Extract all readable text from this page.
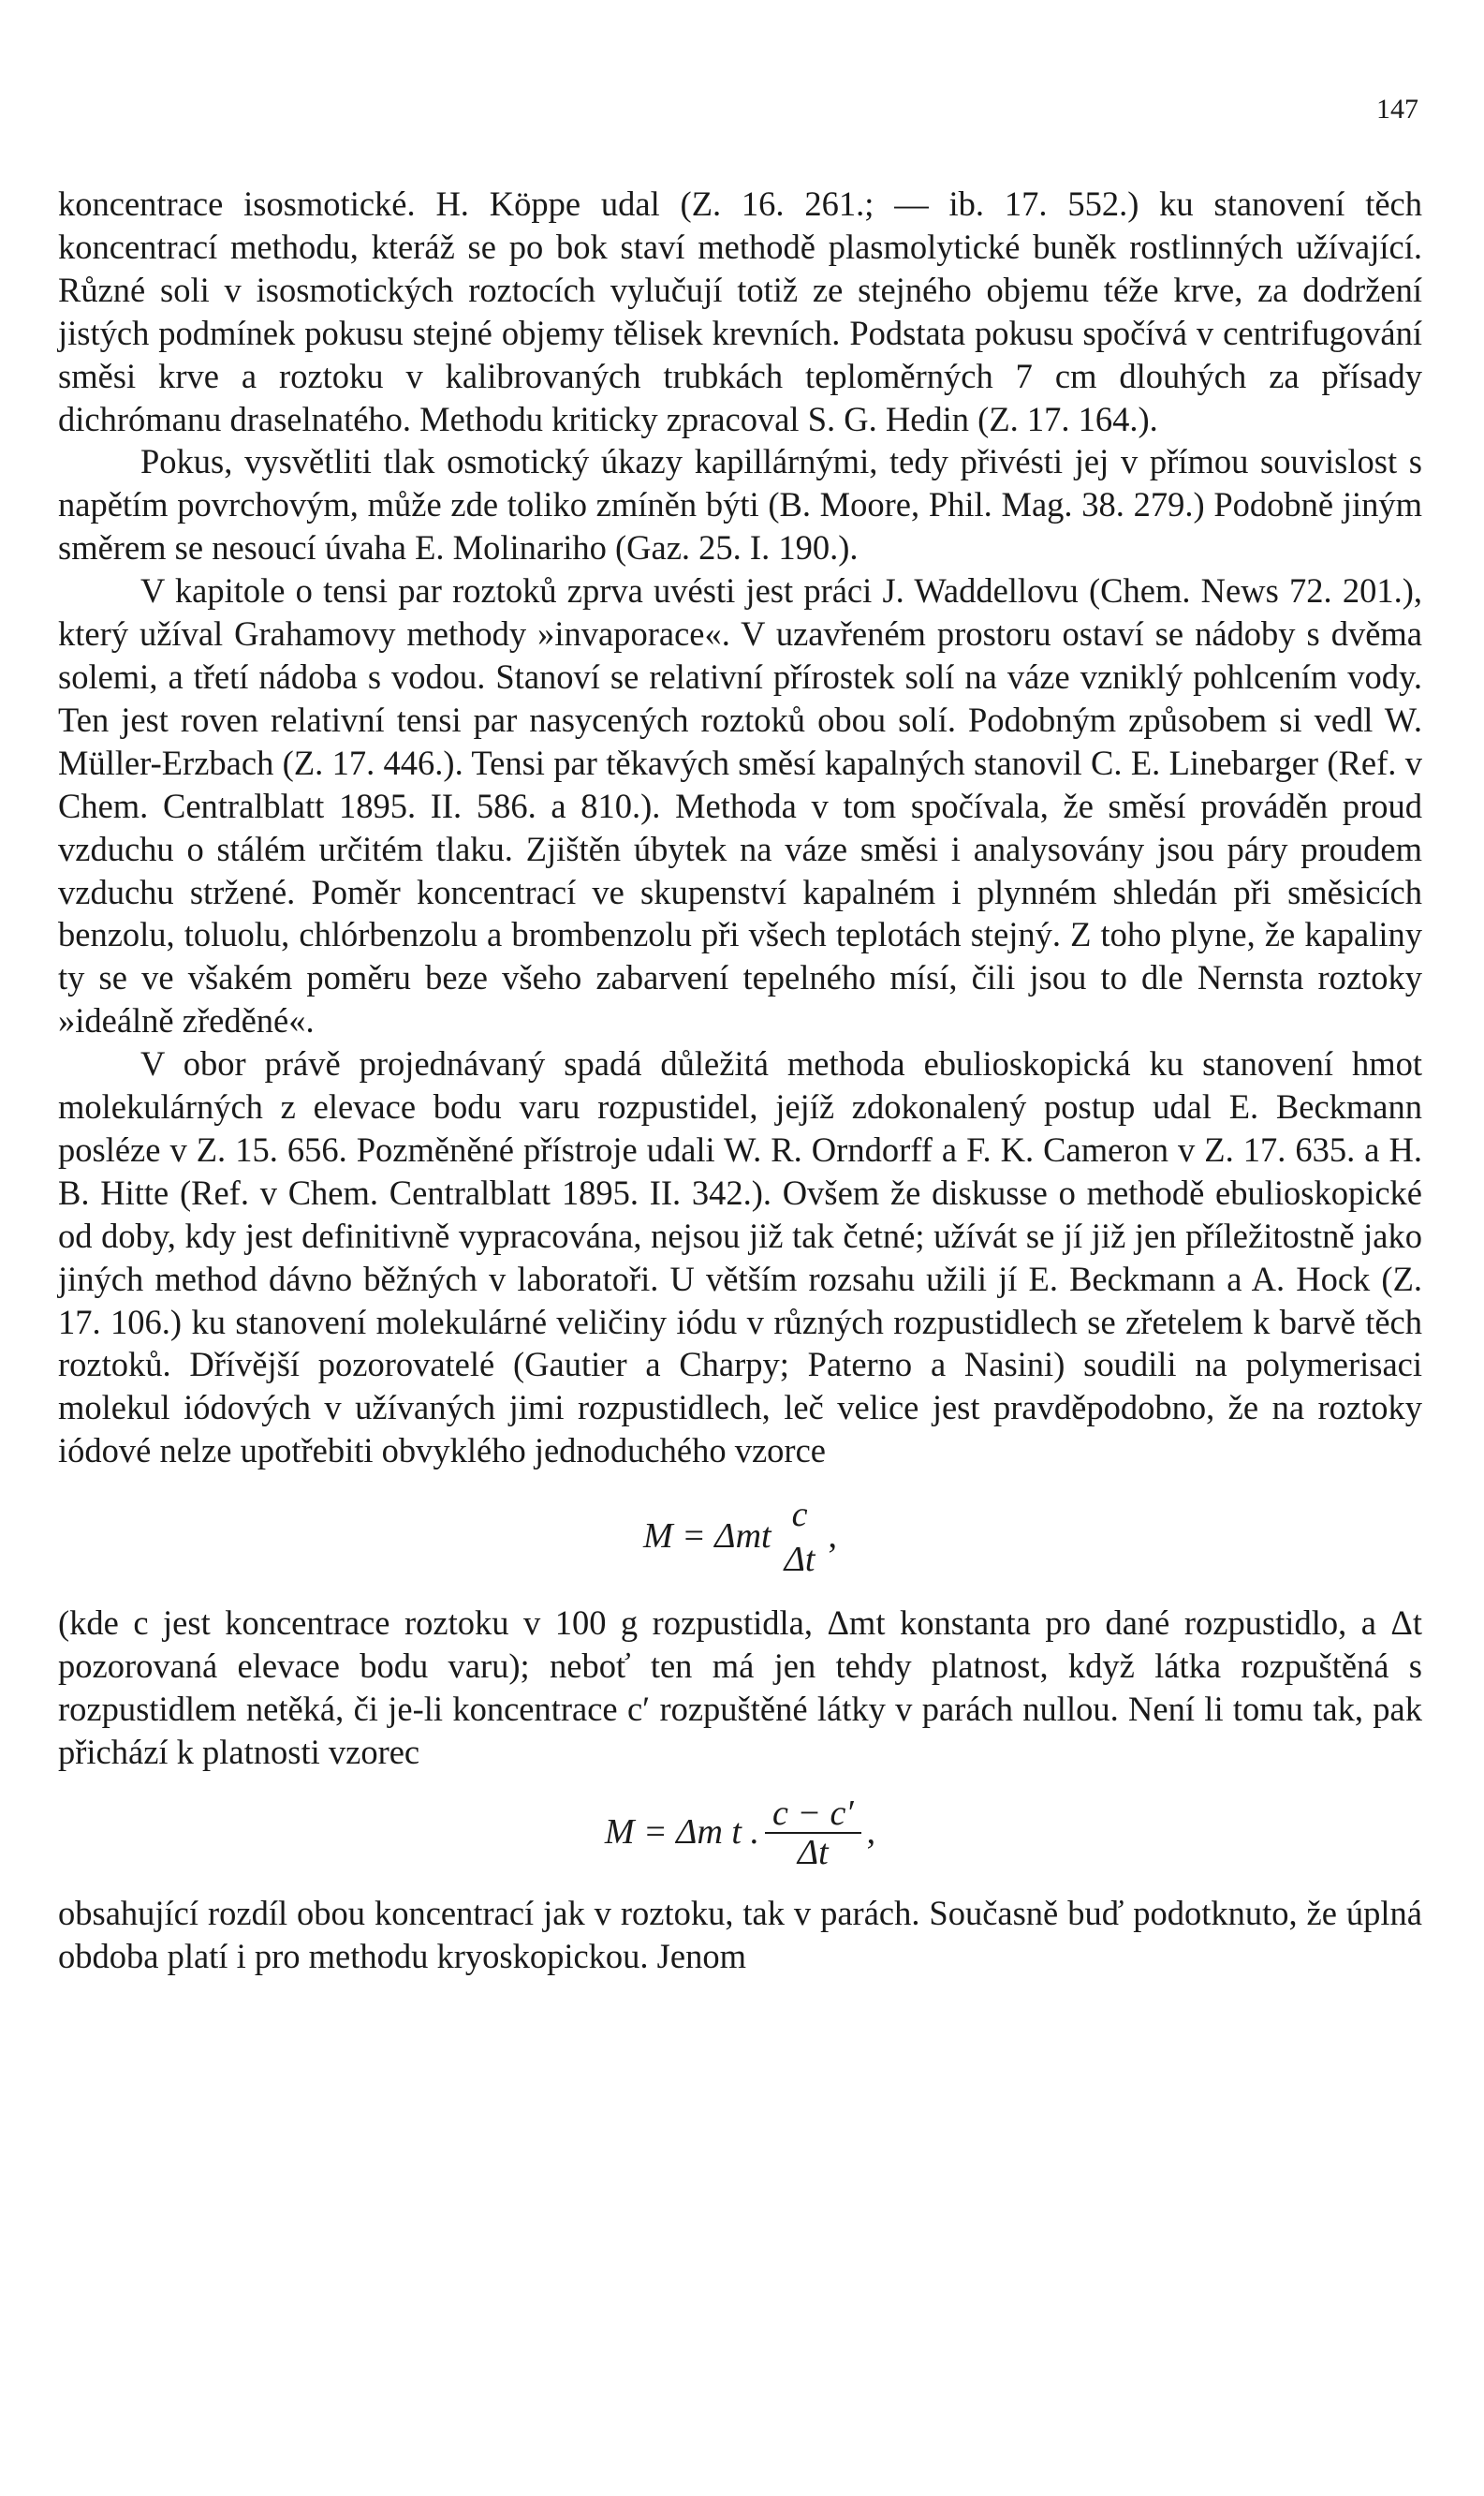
147

koncentrace isosmotické. H. Köppe udal (Z. 16. 261.; — ib. 17. 552.) ku stanovení těch koncentrací methodu, kteráž se po bok staví methodě plasmolytické buněk rostlinných užívající. Různé soli v isosmotických roztocích vylučují totiž ze stejného objemu téže krve, za dodržení jistých podmínek pokusu stejné objemy tělisek krevních. Podstata pokusu spočívá v centrifugování směsi krve a roztoku v kalibrovaných trubkách teploměrných 7 cm dlouhých za přísady dichrómanu draselnatého. Methodu kriticky zpracoval S. G. Hedin (Z. 17. 164.).

Pokus, vysvětliti tlak osmotický úkazy kapillárnými, tedy přivésti jej v přímou souvislost s napětím povrchovým, může zde toliko zmíněn býti (B. Moore, Phil. Mag. 38. 279.) Podobně jiným směrem se nesoucí úvaha E. Molinariho (Gaz. 25. I. 190.).

V kapitole o tensi par roztoků zprva uvésti jest práci J. Waddellovu (Chem. News 72. 201.), který užíval Grahamovy methody »invaporace«. V uzavřeném prostoru ostaví se nádoby s dvěma solemi, a třetí nádoba s vodou. Stanoví se relativní přírostek solí na váze vzniklý pohlcením vody. Ten jest roven relativní tensi par nasycených roztoků obou solí. Podobným způsobem si vedl W. Müller-Erzbach (Z. 17. 446.). Tensi par těkavých směsí kapalných stanovil C. E. Linebarger (Ref. v Chem. Centralblatt 1895. II. 586. a 810.). Methoda v tom spočívala, že směsí prováděn proud vzduchu o stálém určitém tlaku. Zjištěn úbytek na váze směsi i analysovány jsou páry proudem vzduchu stržené. Poměr koncentrací ve skupenství kapalném i plynném shledán při směsicích benzolu, toluolu, chlórbenzolu a brombenzolu při všech teplotách stejný. Z toho plyne, že kapaliny ty se ve všakém poměru beze všeho zabarvení tepelného mísí, čili jsou to dle Nernsta roztoky »ideálně zředěné«.

V obor právě projednávaný spadá důležitá methoda ebulioskopická ku stanovení hmot molekulárných z elevace bodu varu rozpustidel, jejíž zdokonalený postup udal E. Beckmann posléze v Z. 15. 656. Pozměněné přístroje udali W. R. Orndorff a F. K. Cameron v Z. 17. 635. a H. B. Hitte (Ref. v Chem. Centralblatt 1895. II. 342.). Ovšem že diskusse o methodě ebulioskopické od doby, kdy jest definitivně vypracována, nejsou již tak četné; užívát se jí již jen příležitostně jako jiných method dávno běžných v laboratoři. U větším rozsahu užili jí E. Beckmann a A. Hock (Z. 17. 106.) ku stanovení molekulárné veličiny iódu v různých rozpustidlech se zřetelem k barvě těch roztoků. Dřívější pozorovatelé (Gautier a Charpy; Paterno a Nasini) soudili na polymerisaci molekul iódových v užívaných jimi rozpustidlech, leč velice jest pravděpodobno, že na roztoky iódové nelze upotřebiti obvyklého jednoduchého vzorce

M = Δmt
c
Δt
,

(kde c jest koncentrace roztoku v 100 g rozpustidla, Δmt konstanta pro dané rozpustidlo, a Δt pozorovaná elevace bodu varu); neboť ten má jen tehdy platnost, když látka rozpuštěná s rozpustidlem netěká, či je-li koncentrace c′ rozpuštěné látky v parách nullou. Není li tomu tak, pak přichází k platnosti vzorec

M = Δm t . $\frac{c - c'}{\Delta t}$ ,

obsahující rozdíl obou koncentrací jak v roztoku, tak v parách. Současně buď podotknuto, že úplná obdoba platí i pro methodu kryoskopickou. Jenom
